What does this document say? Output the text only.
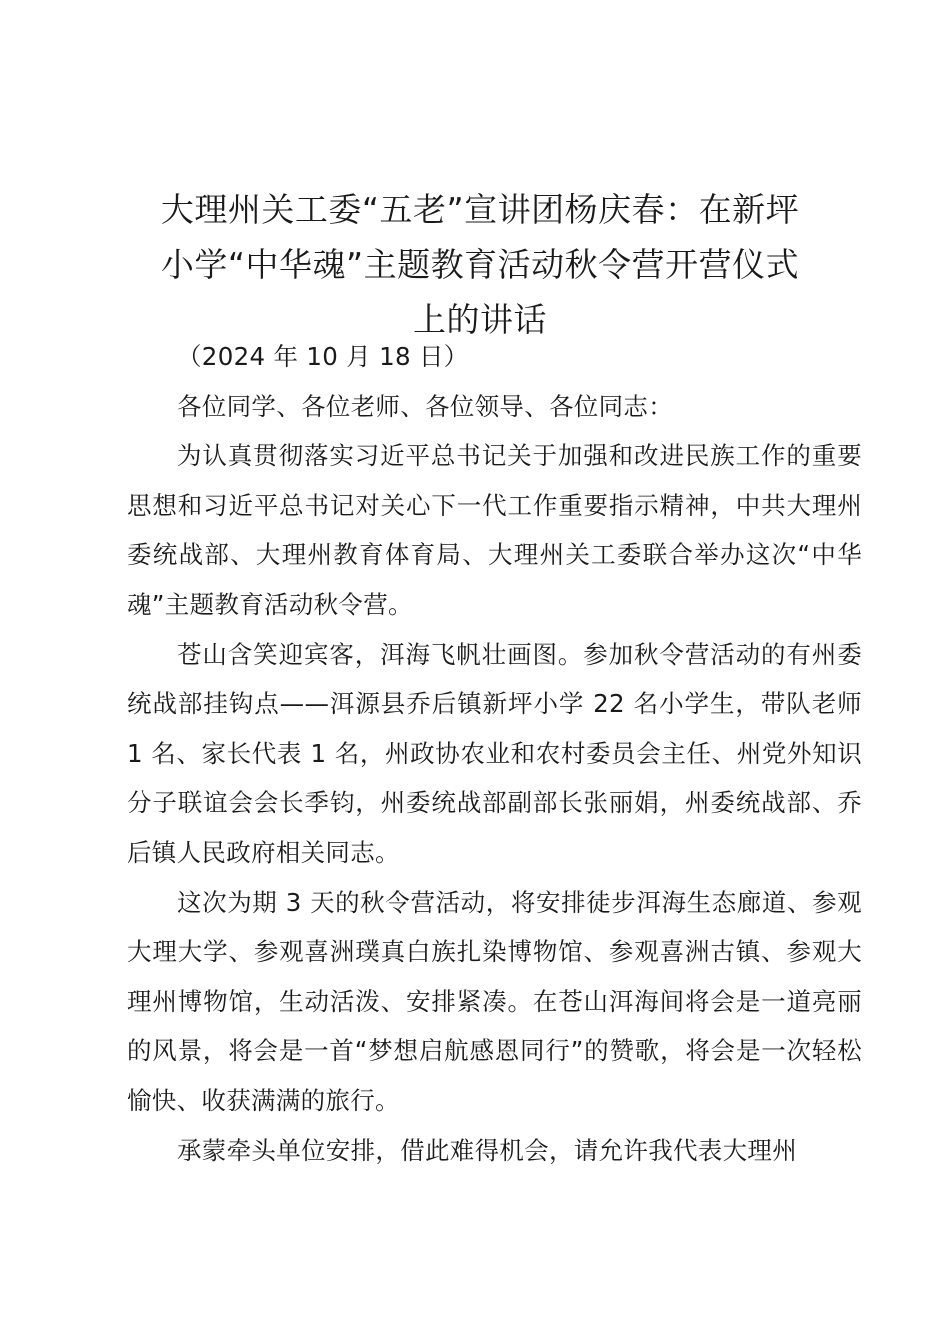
大理州关工委“五老”宣讲团杨庆春：在新坪
小学“中华魂”主题教育活动秋令营开营仪式
上的讲话

（2024 年 10 月 18 日）

各位同学、各位老师、各位领导、各位同志：

为认真贯彻落实习近平总书记关于加强和改进民族工作的重要思想和习近平总书记对关心下一代工作重要指示精神，中共大理州委统战部、大理州教育体育局、大理州关工委联合举办这次“中华魂”主题教育活动秋令营。

苍山含笑迎宾客，洱海飞帆壮画图。参加秋令营活动的有州委统战部挂钩点——洱源县乔后镇新坪小学 22 名小学生，带队老师 1 名、家长代表 1 名，州政协农业和农村委员会主任、州党外知识分子联谊会会长季钧，州委统战部副部长张丽娟，州委统战部、乔后镇人民政府相关同志。

这次为期 3 天的秋令营活动，将安排徒步洱海生态廊道、参观大理大学、参观喜洲璞真白族扎染博物馆、参观喜洲古镇、参观大理州博物馆，生动活泼、安排紧凑。在苍山洱海间将会是一道亮丽的风景，将会是一首“梦想启航感恩同行”的赞歌，将会是一次轻松愉快、收获满满的旅行。

承蒙牵头单位安排，借此难得机会，请允许我代表大理州
